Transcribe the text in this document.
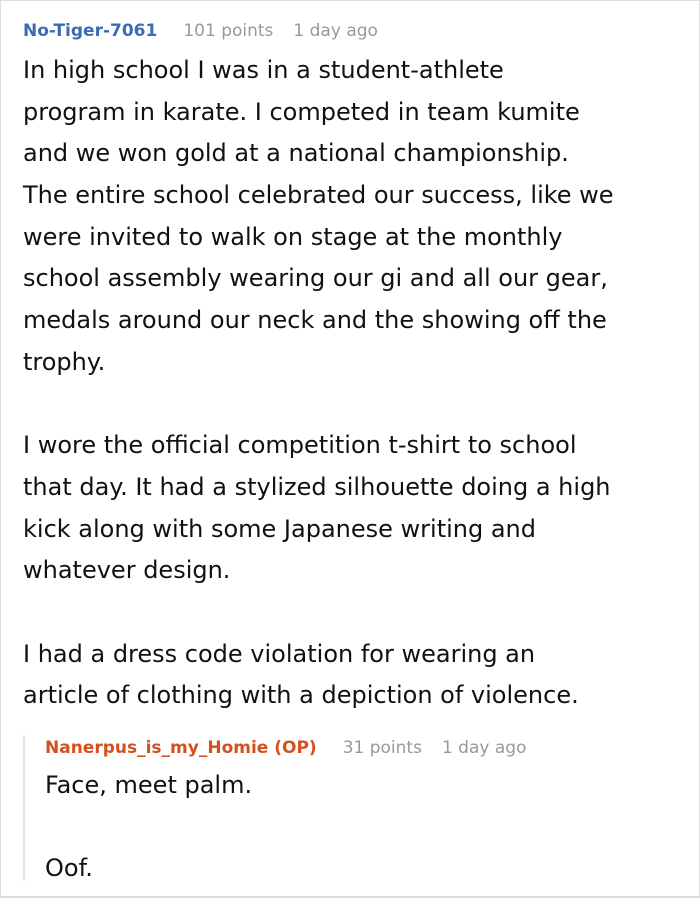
No-Tiger-7061 101 points 1 day ago
In high school I was in a student-athlete
program in karate. I competed in team kumite
and we won gold at a national championship.
The entire school celebrated our success, like we
were invited to walk on stage at the monthly
school assembly wearing our gi and all our gear,
medals around our neck and the showing off the
trophy.
I wore the official competition t-shirt to school
that day. It had a stylized silhouette doing a high
kick along with some Japanese writing and
whatever design.
I had a dress code violation for wearing an
article of clothing with a depiction of violence.
Nanerpus_is_my_Homie (OP) 31 points 1 day ago
Face, meet palm.
Oof.
